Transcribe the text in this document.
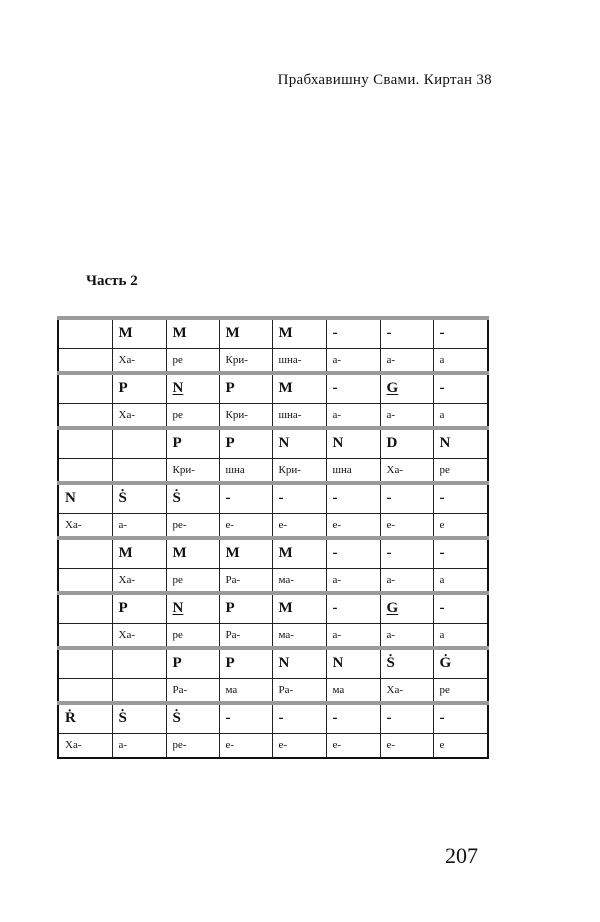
Прабхавишну Свами. Киртан 38
Часть 2
	M	M	M	M	-	-	-
	Ха-	ре	Кри-	шна-	а-	а-	а
	P	N	P	M	-	G	-
	Ха-	ре	Кри-	шна-	а-	а-	а
		P	P	N	N	D	N
		Кри-	шна	Кри-	шна	Ха-	ре
N	Ṡ	Ṡ	-	-	-	-	-
Ха-	а-	ре-	е-	е-	е-	е-	е
	M	M	M	M	-	-	-
	Ха-	ре	Ра-	ма-	а-	а-	а
	P	N	P	M	-	G	-
	Ха-	ре	Ра-	ма-	а-	а-	а
		P	P	N	N	Ṡ	Ġ
		Ра-	ма	Ра-	ма	Ха-	ре
Ṙ	Ṡ	Ṡ	-	-	-	-	-
Ха-	а-	ре-	е-	е-	е-	е-	е
207
